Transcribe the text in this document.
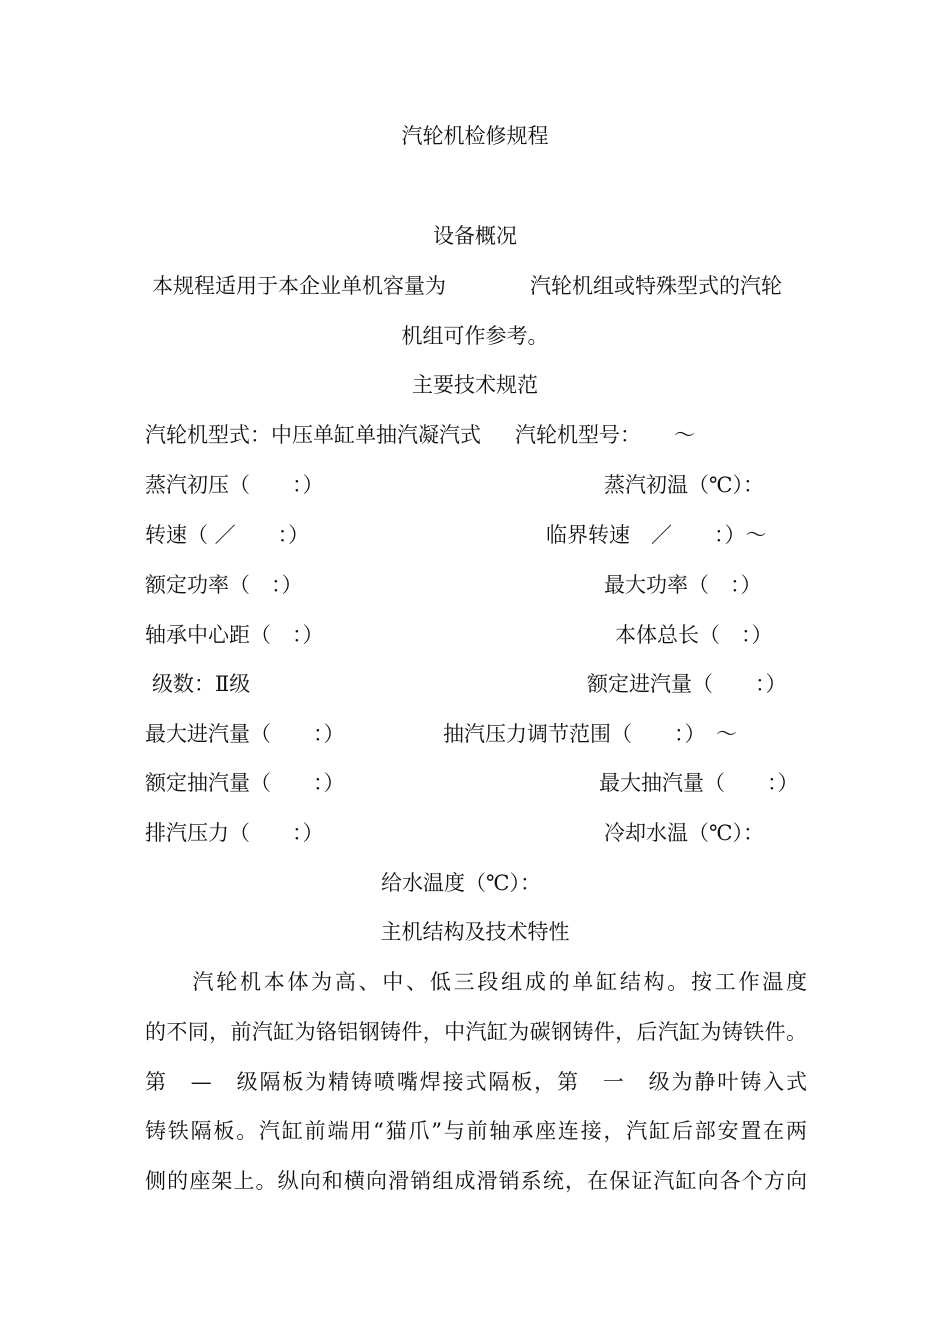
汽轮机检修规程
设备概况
本规程适用于本企业单机容量为	汽轮机组或特殊型式的汽轮
机组可作参考。
主要技术规范
汽轮机型式：中压单缸单抽汽凝汽式 汽轮机型号： ～
蒸汽初压（　　：）	蒸汽初温（℃）：
转速（ ／　　：）	临界转速　／　　：）～
额定功率（　：）	最大功率（　：）
轴承中心距（　：）	本体总长（　：）
级数：Ⅱ级	额定进汽量（　　：）
最大进汽量（　　：）	抽汽压力调节范围（　　：）　～
额定抽汽量（　　：）	最大抽汽量（　　：）
排汽压力（　　：）	冷却水温（℃）：
给水温度（℃）：
主机结构及技术特性
　　汽轮机本体为高、中、低三段组成的单缸结构。按工作温度
的不同，前汽缸为铬铝钢铸件，中汽缸为碳钢铸件，后汽缸为铸铁件。
第　—　级隔板为精铸喷嘴焊接式隔板，第　一　级为静叶铸入式
铸铁隔板。汽缸前端用“猫爪”与前轴承座连接，汽缸后部安置在两
侧的座架上。纵向和横向滑销组成滑销系统，在保证汽缸向各个方向
